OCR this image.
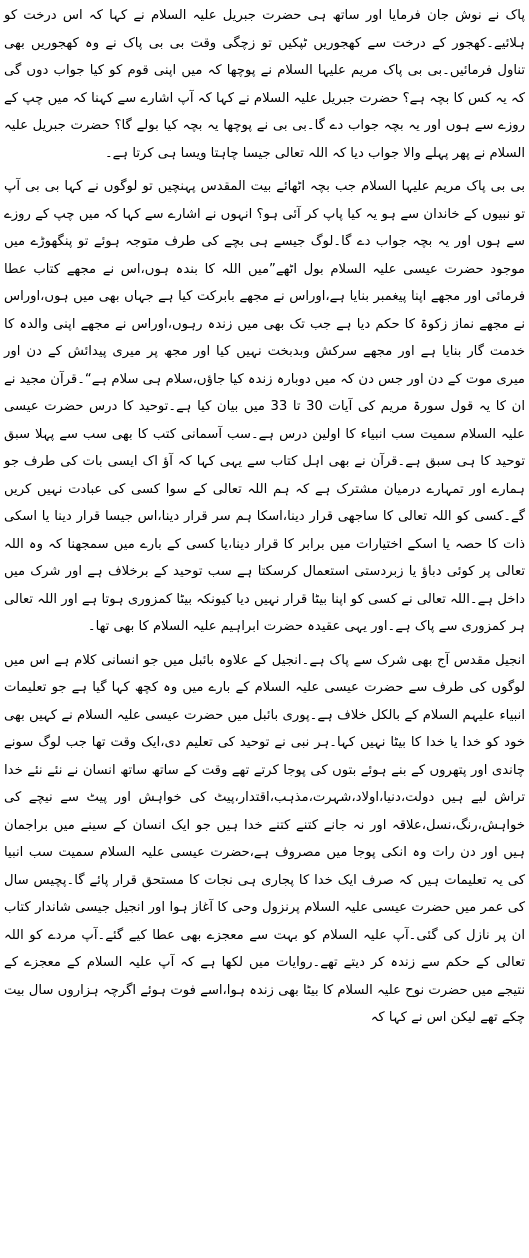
پاک نے نوش جان فرمایا اور ساتھ ہی حضرت جبریل علیہ السلام نے کہا کہ اس درخت کو ہلائیے۔کھجور کے درخت سے کھجوریں ٹپکیں تو زچگی وقت بی بی پاک نے وہ کھجوریں بھی تناول فرمائیں۔بی بی پاک مریم علیہا السلام نے پوچھا کہ میں اپنی قوم کو کیا جواب دوں گی کہ یہ کس کا بچہ ہے؟ حضرت جبریل علیہ السلام نے کہا کہ آپ اشارے سے کہنا کہ میں چپ کے روزے سے ہوں اور یہ بچہ جواب دے گا۔بی بی نے پوچھا یہ بچہ کیا بولے گا؟ حضرت جبریل علیہ السلام نے پھر پہلے والا جواب دیا کہ اللہ تعالی جیسا چاہتا ویسا ہی کرتا ہے۔

بی بی پاک مریم علیہا السلام جب بچہ اٹھائے بیت المقدس پہنچیں تو لوگوں نے کہا بی بی آپ تو نبیوں کے خاندان سے ہو یہ کیا پاپ کر آئی ہو؟ انہوں نے اشارے سے کہا کہ میں چپ کے روزے سے ہوں اور یہ بچہ جواب دے گا۔لوگ جیسے ہی بچے کی طرف متوجہ ہوئے تو پنگھوڑے میں موجود حضرت عیسی علیہ السلام بول اٹھے”میں اللہ کا بندہ ہوں،اس نے مجھے کتاب عطا فرمائی اور مجھے اپنا پیغمبر بنایا ہے،اوراس نے مجھے بابرکت کیا ہے جہاں بھی میں ہوں،اوراس نے مجھے نماز زکوۃ کا حکم دیا ہے جب تک بھی میں زندہ رہوں،اوراس نے مجھے اپنی والدہ کا خدمت گار بنایا ہے اور مجھے سرکش وبدبخت نہیں کیا اور مجھ پر میری پیدائش کے دن اور میری موت کے دن اور جس دن کہ میں دوبارہ زندہ کیا جاؤں،سلام ہی سلام ہے“۔قرآن مجید نے ان کا یہ قول سورۃ مریم کی آیات 30 تا 33 میں بیان کیا ہے۔توحید کا درس حضرت عیسی علیہ السلام سمیت سب انبیاء کا اولین درس ہے۔سب آسمانی کتب کا بھی سب سے پہلا سبق توحید کا ہی سبق ہے۔قرآن نے بھی اہل کتاب سے یہی کہا کہ آؤ اک ایسی بات کی طرف جو ہمارے اور تمہارے درمیان مشترک ہے کہ ہم اللہ تعالی کے سوا کسی کی عبادت نہیں کریں گے۔کسی کو اللہ تعالی کا ساجھی قرار دینا،اسکا ہم سر قرار دینا،اس جیسا قرار دینا یا اسکی ذات کا حصہ یا اسکے اختیارات میں برابر کا قرار دینا،یا کسی کے بارے میں سمجھنا کہ وہ اللہ تعالی پر کوئی دباؤ یا زبردستی استعمال کرسکتا ہے سب توحید کے برخلاف ہے اور شرک میں داخل ہے۔اللہ تعالی نے کسی کو اپنا بیٹا قرار نہیں دیا کیونکہ بیٹا کمزوری ہوتا ہے اور اللہ تعالی ہر کمزوری سے پاک ہے۔اور یہی عقیدہ حضرت ابراہیم علیہ السلام کا بھی تھا۔

انجیل مقدس آج بھی شرک سے پاک ہے۔انجیل کے علاوہ بائبل میں جو انسانی کلام ہے اس میں لوگوں کی طرف سے حضرت عیسی علیہ السلام کے بارے میں وہ کچھ کہا گیا ہے جو تعلیمات انبیاء علیہم السلام کے بالکل خلاف ہے۔پوری بائبل میں حضرت عیسی علیہ السلام نے کہیں بھی خود کو خدا یا خدا کا بیٹا نہیں کہا۔ہر نبی نے توحید کی تعلیم دی،ایک وقت تھا جب لوگ سونے چاندی اور پتھروں کے بنے ہوئے بتوں کی پوجا کرتے تھے وقت کے ساتھ ساتھ انسان نے نئے نئے خدا تراش لیے ہیں دولت،دنیا،اولاد،شہرت،مذہب،اقتدار،پیٹ کی خواہش اور پیٹ سے نیچے کی خواہش،رنگ،نسل،علاقہ اور نہ جانے کتنے کتنے خدا ہیں جو ایک انسان کے سینے میں براجمان ہیں اور دن رات وہ انکی پوجا میں مصروف ہے،حضرت عیسی علیہ السلام سمیت سب انبیا کی یہ تعلیمات ہیں کہ صرف ایک خدا کا پجاری ہی نجات کا مستحق قرار پائے گا۔پچیس سال کی عمر میں حضرت عیسی علیہ السلام پرنزول وحی کا آغاز ہوا اور انجیل جیسی شاندار کتاب ان پر نازل کی گئی۔آپ علیہ السلام کو بہت سے معجزے بھی عطا کیے گئے۔آپ مردے کو اللہ تعالی کے حکم سے زندہ کر دیتے تھے۔روایات میں لکھا ہے کہ آپ علیہ السلام کے معجزے کے نتیجے میں حضرت نوح علیہ السلام کا بیٹا بھی زندہ ہوا،اسے فوت ہوئے اگرچہ ہزاروں سال بیت چکے تھے لیکن اس نے کہا کہ
